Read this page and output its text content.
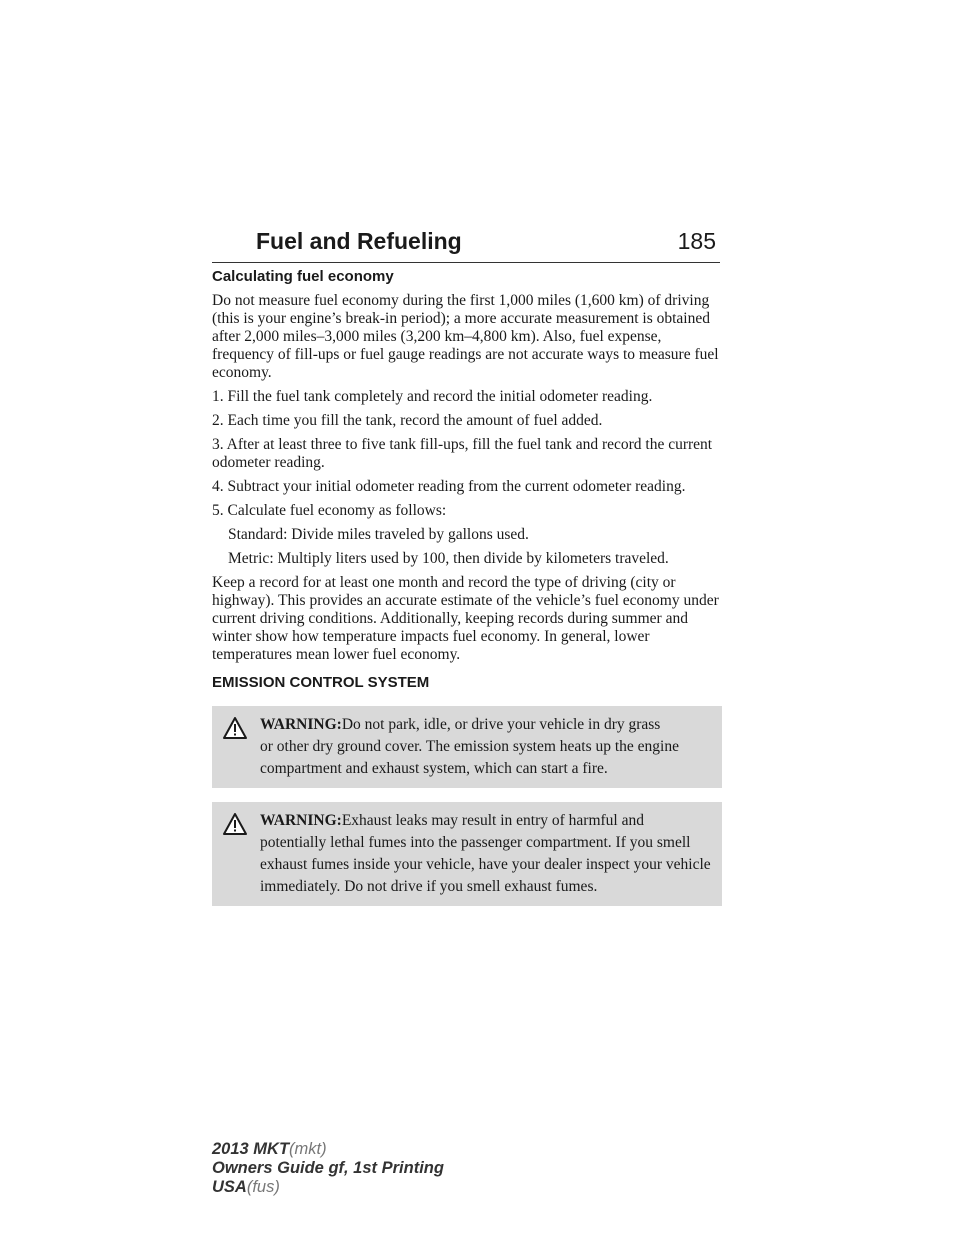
Fuel and Refueling	185
Calculating fuel economy

Do not measure fuel economy during the first 1,000 miles (1,600 km) of driving (this is your engine’s break-in period); a more accurate measurement is obtained after 2,000 miles–3,000 miles (3,200 km–4,800 km). Also, fuel expense, frequency of fill-ups or fuel gauge readings are not accurate ways to measure fuel economy.

1. Fill the fuel tank completely and record the initial odometer reading.

2. Each time you fill the tank, record the amount of fuel added.

3. After at least three to five tank fill-ups, fill the fuel tank and record the current odometer reading.

4. Subtract your initial odometer reading from the current odometer reading.

5. Calculate fuel economy as follows:

Standard: Divide miles traveled by gallons used.

Metric: Multiply liters used by 100, then divide by kilometers traveled.

Keep a record for at least one month and record the type of driving (city or highway). This provides an accurate estimate of the vehicle’s fuel economy under current driving conditions. Additionally, keeping records during summer and winter show how temperature impacts fuel economy. In general, lower temperatures mean lower fuel economy.

EMISSION CONTROL SYSTEM
WARNING:Do not park, idle, or drive your vehicle in dry grass
or other dry ground cover. The emission system heats up the engine compartment and exhaust system, which can start a fire.
WARNING:Exhaust leaks may result in entry of harmful and
potentially lethal fumes into the passenger compartment. If you smell exhaust fumes inside your vehicle, have your dealer inspect your vehicle immediately. Do not drive if you smell exhaust fumes.
2013 MKT(mkt)
Owners Guide gf, 1st Printing
USA(fus)
